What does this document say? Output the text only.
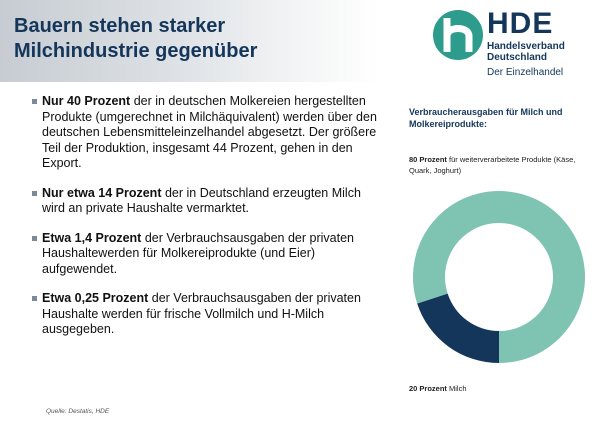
Bauern stehen starker
Milchindustrie gegenüber
HDE
Handelsverband
Deutschland
Der Einzelhandel
Nur 40 Prozent der in deutschen Molkereien hergestellten Produkte (umgerechnet in Milchäquivalent) werden über den deutschen Lebensmitteleinzelhandel abgesetzt. Der größere Teil der Produktion, insgesamt 44 Prozent, gehen in den Export.
Nur etwa 14 Prozent der in Deutschland erzeugten Milch wird an private Haushalte vermarktet.
Etwa 1,4 Prozent der Verbrauchsausgaben der privaten Haushaltewerden für Molkereiprodukte (und Eier) aufgewendet.
Etwa 0,25 Prozent der Verbrauchsausgaben der privaten Haushalte werden für frische Vollmilch und H-Milch ausgegeben.
Quelle: Destatis, HDE
Verbraucherausgaben für Milch und Molkereiprodukte:
80 Prozent für weiterverarbeitete Produkte (Käse, Quark, Joghurt)
20 Prozent Milch
